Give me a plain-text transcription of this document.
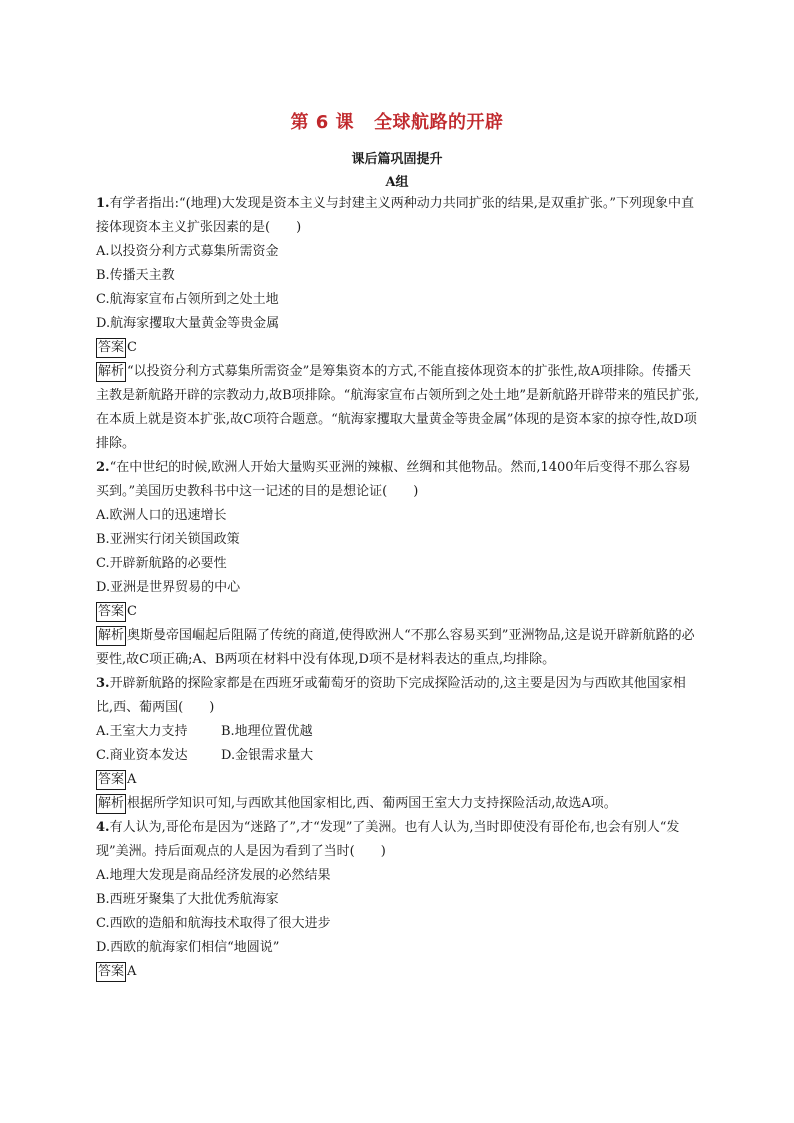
第 6 课 全球航路的开辟
课后篇巩固提升
A组

1.有学者指出:“(地理)大发现是资本主义与封建主义两种动力共同扩张的结果,是双重扩张。”下列现象中直接体现资本主义扩张因素的是(　　)

A.以投资分利方式募集所需资金

B.传播天主教

C.航海家宣布占领所到之处土地

D.航海家攫取大量黄金等贵金属

答案 C

解析 “以投资分利方式募集所需资金”是筹集资本的方式,不能直接体现资本的扩张性,故A项排除。传播天主教是新航路开辟的宗教动力,故B项排除。“航海家宣布占领所到之处土地”是新航路开辟带来的殖民扩张,在本质上就是资本扩张,故C项符合题意。“航海家攫取大量黄金等贵金属”体现的是资本家的掠夺性,故D项排除。

2.“在中世纪的时候,欧洲人开始大量购买亚洲的辣椒、丝绸和其他物品。然而,1400年后变得不那么容易买到。”美国历史教科书中这一记述的目的是想论证(　　)

A.欧洲人口的迅速增长

B.亚洲实行闭关锁国政策

C.开辟新航路的必要性

D.亚洲是世界贸易的中心

答案 C

解析 奥斯曼帝国崛起后阻隔了传统的商道,使得欧洲人“不那么容易买到”亚洲物品,这是说开辟新航路的必要性,故C项正确;A、B两项在材料中没有体现,D项不是材料表达的重点,均排除。

3.开辟新航路的探险家都是在西班牙或葡萄牙的资助下完成探险活动的,这主要是因为与西欧其他国家相比,西、葡两国(　　)

A.王室大力支持	B.地理位置优越

C.商业资本发达	D.金银需求量大

答案 A

解析 根据所学知识可知,与西欧其他国家相比,西、葡两国王室大力支持探险活动,故选A项。

4.有人认为,哥伦布是因为“迷路了”,才“发现”了美洲。也有人认为,当时即使没有哥伦布,也会有别人“发现”美洲。持后面观点的人是因为看到了当时(　　)

A.地理大发现是商品经济发展的必然结果

B.西班牙聚集了大批优秀航海家

C.西欧的造船和航海技术取得了很大进步

D.西欧的航海家们相信“地圆说”

答案 A
